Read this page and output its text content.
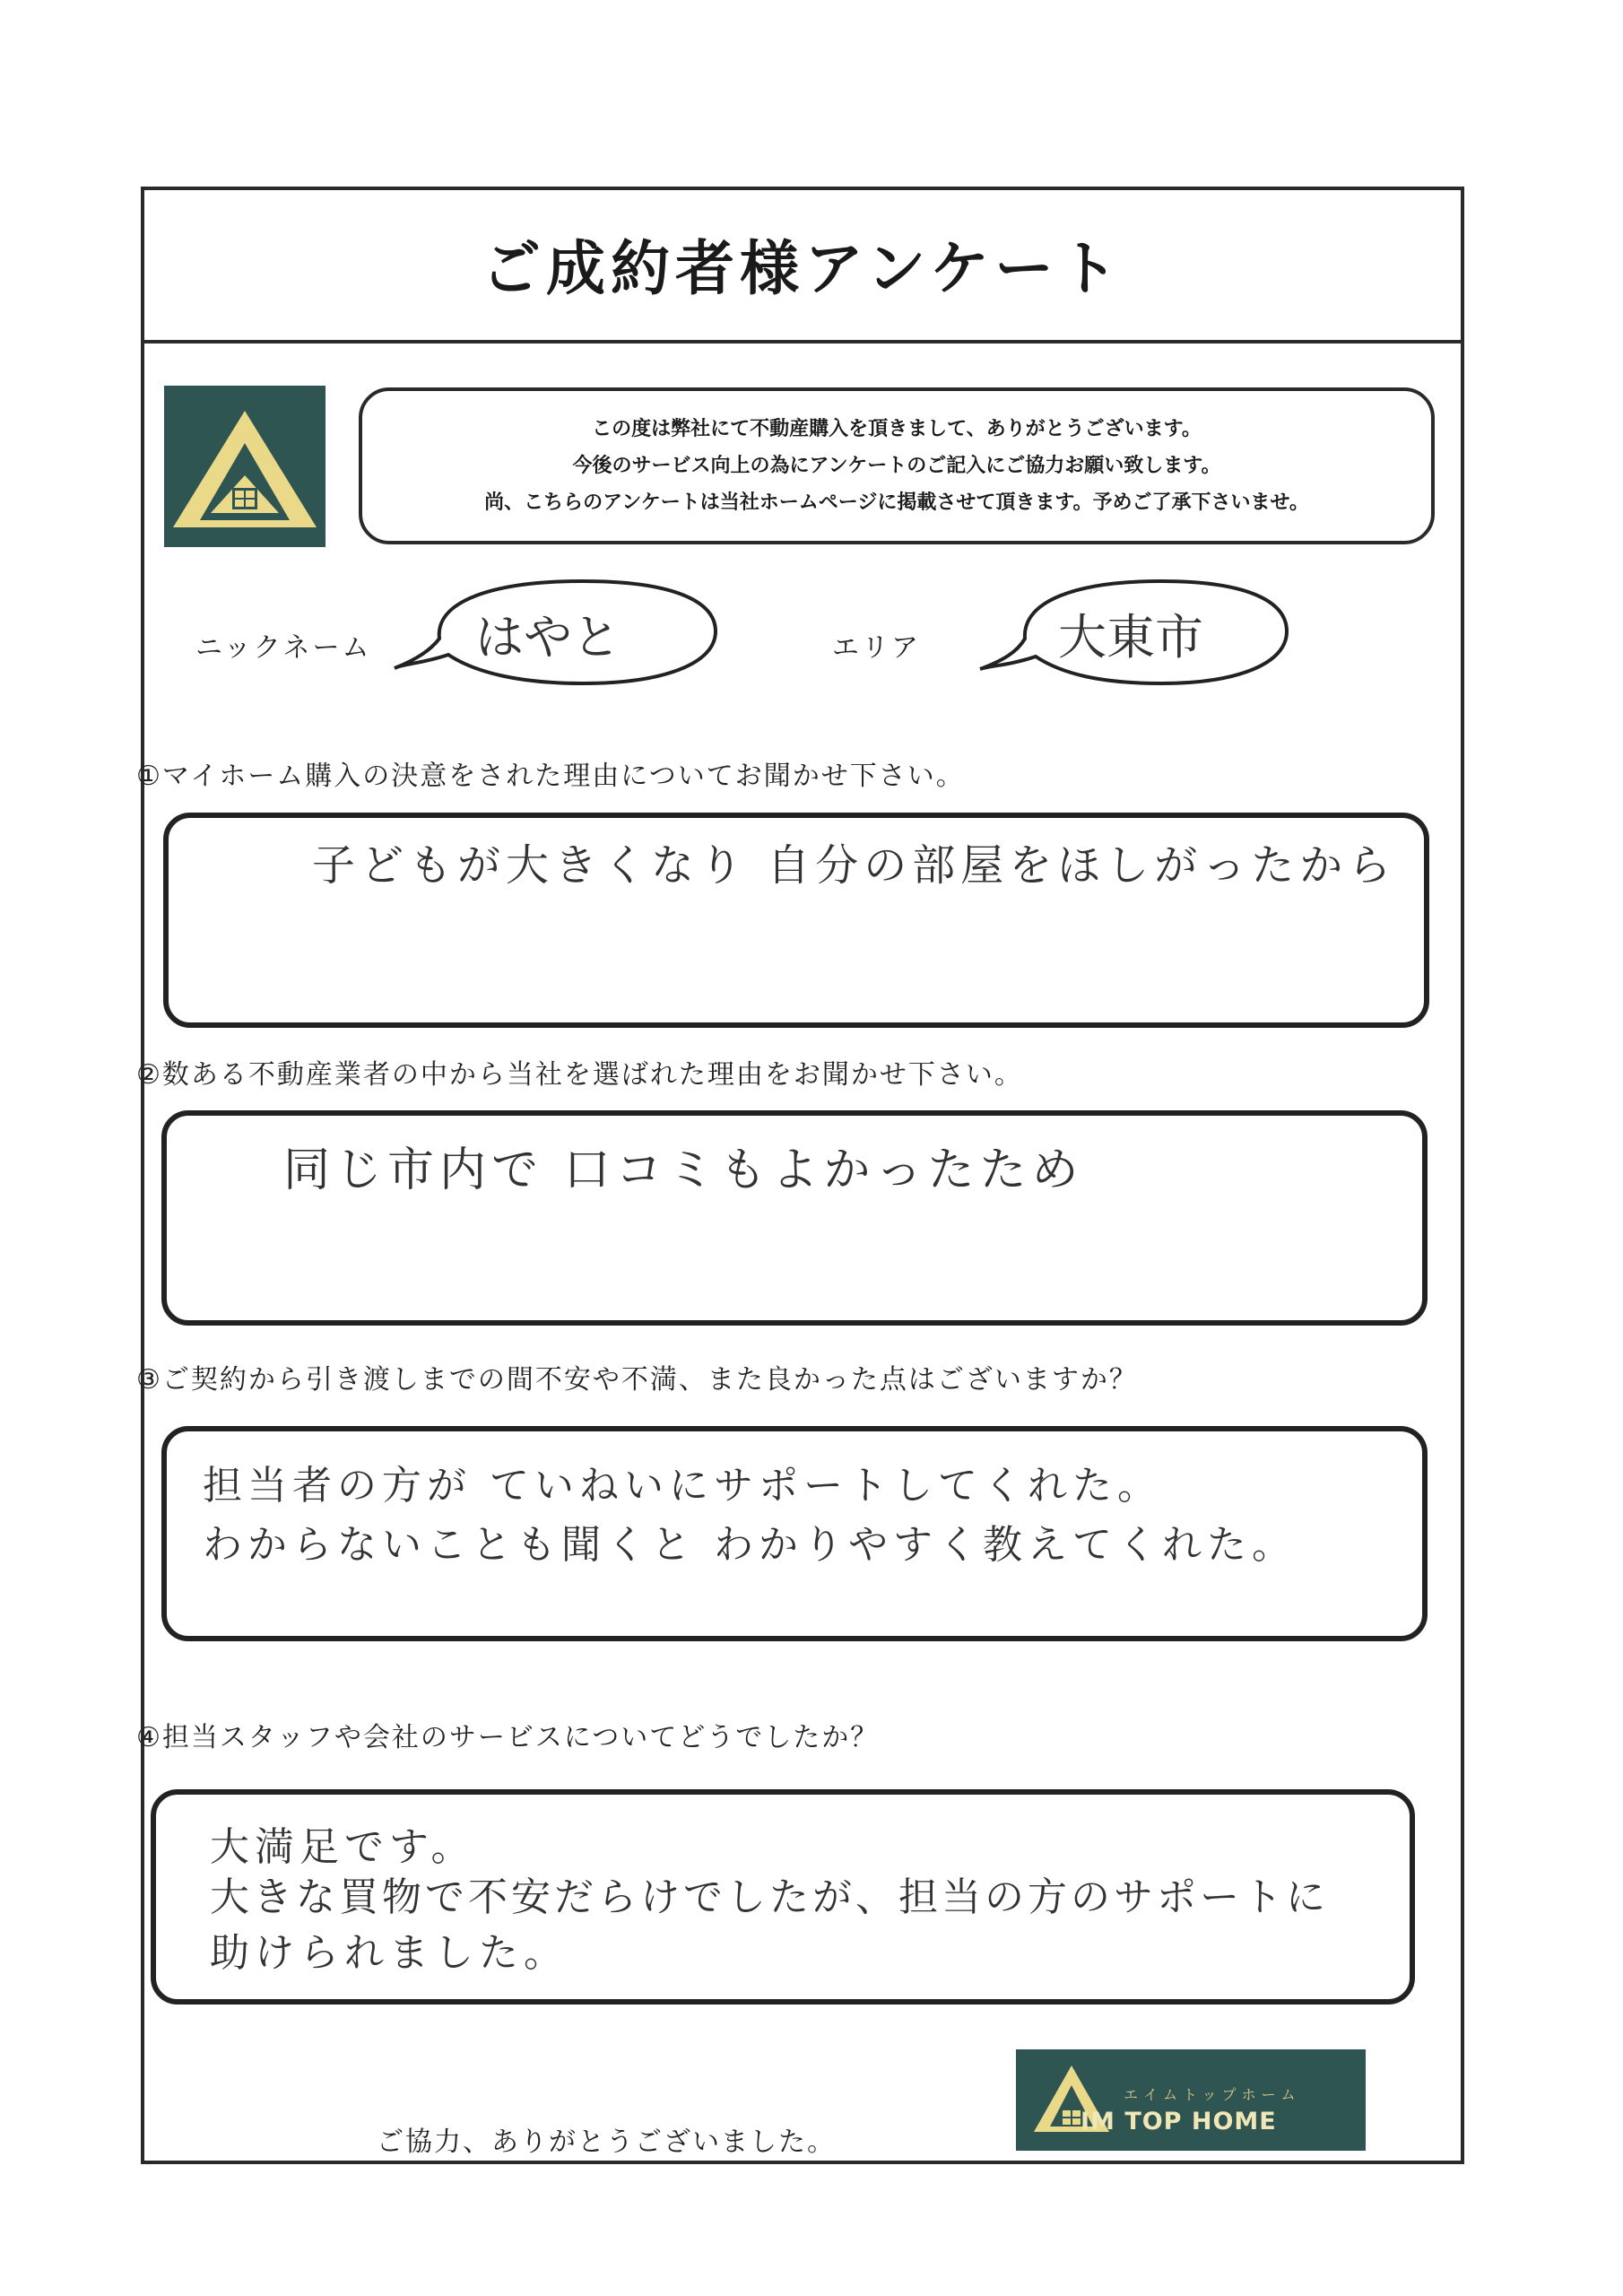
ご成約者様アンケート
この度は弊社にて不動産購入を頂きまして、ありがとうございます。
今後のサービス向上の為にアンケートのご記入にご協力お願い致します。
尚、こちらのアンケートは当社ホームページに掲載させて頂きます。予めご了承下さいませ。
ニックネーム はやと	エリア	大東市
①マイホーム購入の決意をされた理由についてお聞かせ下さい。
子どもが大きくなり 自分の部屋をほしがったから
②数ある不動産業者の中から当社を選ばれた理由をお聞かせ下さい。
同じ市内で 口コミもよかったため
③ご契約から引き渡しまでの間不安や不満、また良かった点はございますか？
担当者の方が ていねいにサポートしてくれた。
わからないことも聞くと わかりやすく教えてくれた。
④担当スタッフや会社のサービスについてどうでしたか？
大満足です。
大きな買物で不安だらけでしたが、担当の方のサポートに
助けられました。
ご協力、ありがとうございました。
エイムトップホーム
IM TOP HOME
